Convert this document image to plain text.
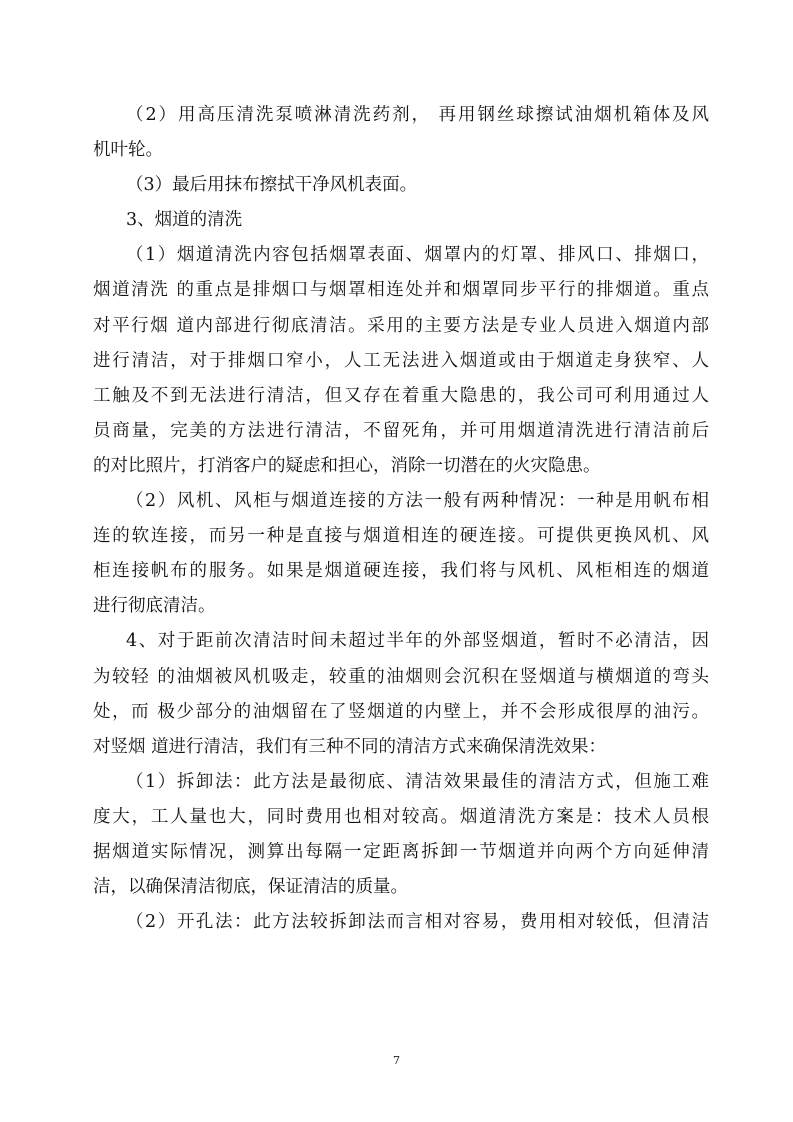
（2）用高压清洗泵喷淋清洗药剂， 再用钢丝球擦试油烟机箱体及风
机叶轮。
（3）最后用抹布擦拭干净风机表面。
3、烟道的清洗
（1）烟道清洗内容包括烟罩表面、烟罩内的灯罩、排风口、排烟口，
烟道清洗 的重点是排烟口与烟罩相连处并和烟罩同步平行的排烟道。重点
对平行烟 道内部进行彻底清洁。采用的主要方法是专业人员进入烟道内部
进行清洁，对于排烟口窄小，人工无法进入烟道或由于烟道走身狭窄、人
工触及不到无法进行清洁，但又存在着重大隐患的，我公司可利用通过人
员商量，完美的方法进行清洁，不留死角，并可用烟道清洗进行清洁前后
的对比照片，打消客户的疑虑和担心，消除一切潜在的火灾隐患。
（2）风机、风柜与烟道连接的方法一般有两种情况：一种是用帆布相
连的软连接，而另一种是直接与烟道相连的硬连接。可提供更换风机、风
柜连接帆布的服务。如果是烟道硬连接，我们将与风机、风柜相连的烟道
进行彻底清洁。
4、对于距前次清洁时间未超过半年的外部竖烟道，暂时不必清洁，因
为较轻 的油烟被风机吸走，较重的油烟则会沉积在竖烟道与横烟道的弯头
处，而 极少部分的油烟留在了竖烟道的内壁上，并不会形成很厚的油污。
对竖烟 道进行清洁，我们有三种不同的清洁方式来确保清洗效果：
（1）拆卸法：此方法是最彻底、清洁效果最佳的清洁方式，但施工难
度大，工人量也大，同时费用也相对较高。烟道清洗方案是：技术人员根
据烟道实际情况，测算出每隔一定距离拆卸一节烟道并向两个方向延伸清
洁，以确保清洁彻底，保证清洁的质量。
（2）开孔法：此方法较拆卸法而言相对容易，费用相对较低，但清洁
7
